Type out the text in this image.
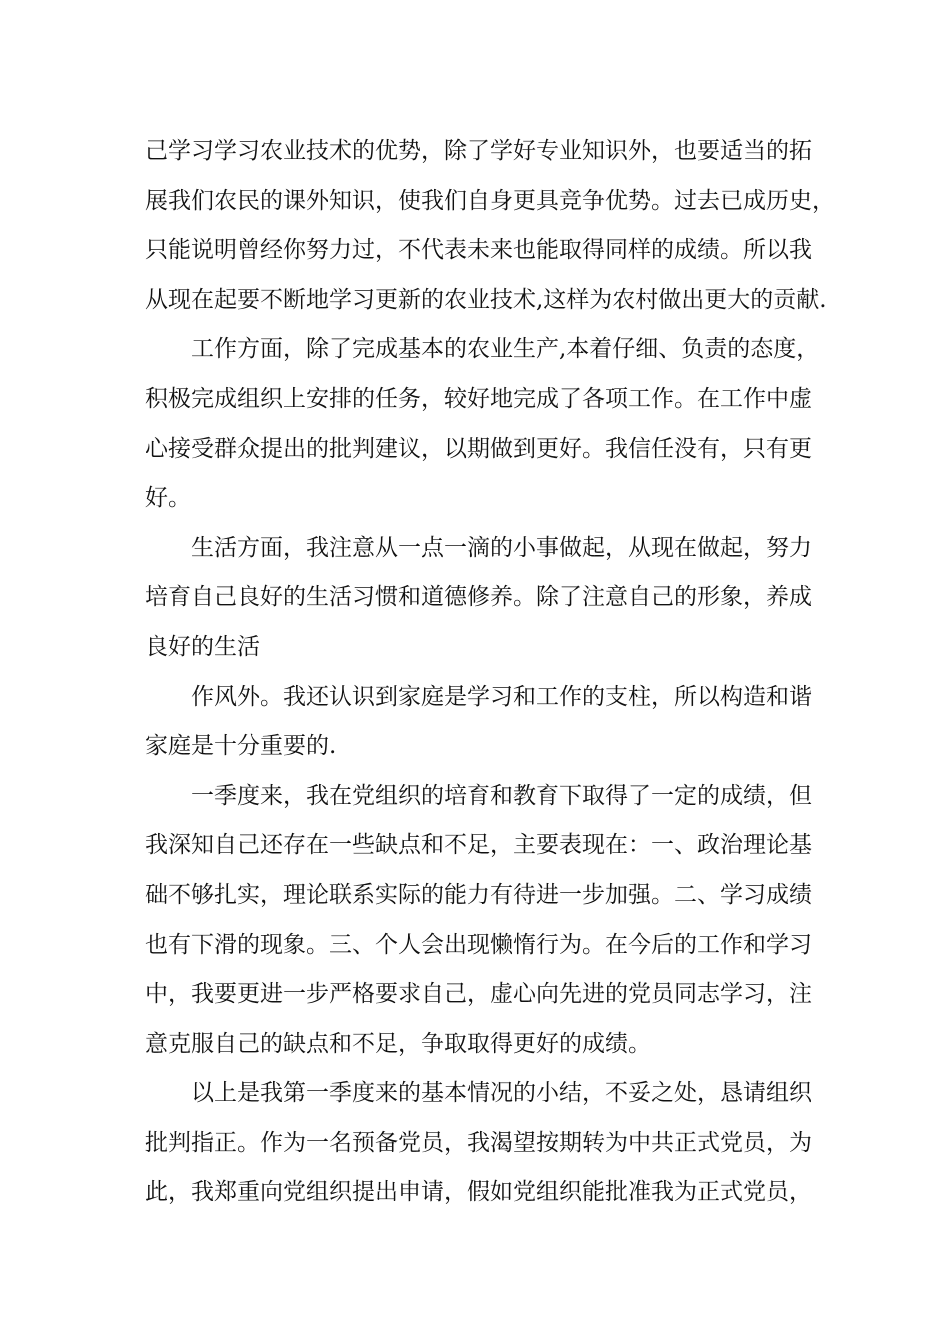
己学习学习农业技术的优势，除了学好专业知识外，也要适当的拓
展我们农民的课外知识，使我们自身更具竞争优势。过去已成历史，
只能说明曾经你努力过，不代表未来也能取得同样的成绩。所以我
从现在起要不断地学习更新的农业技术,这样为农村做出更大的贡献.
工作方面，除了完成基本的农业生产,本着仔细、负责的态度，
积极完成组织上安排的任务，较好地完成了各项工作。在工作中虚
心接受群众提出的批判建议，以期做到更好。我信任没有，只有更
好。
生活方面，我注意从一点一滴的小事做起，从现在做起，努力
培育自己良好的生活习惯和道德修养。除了注意自己的形象，养成
良好的生活
作风外。我还认识到家庭是学习和工作的支柱，所以构造和谐
家庭是十分重要的.
一季度来，我在党组织的培育和教育下取得了一定的成绩，但
我深知自己还存在一些缺点和不足，主要表现在：一、政治理论基
础不够扎实，理论联系实际的能力有待进一步加强。二、学习成绩
也有下滑的现象。三、个人会出现懒惰行为。在今后的工作和学习
中，我要更进一步严格要求自己，虚心向先进的党员同志学习，注
意克服自己的缺点和不足，争取取得更好的成绩。
以上是我第一季度来的基本情况的小结，不妥之处，恳请组织
批判指正。作为一名预备党员，我渴望按期转为中共正式党员，为
此，我郑重向党组织提出申请，假如党组织能批准我为正式党员，
